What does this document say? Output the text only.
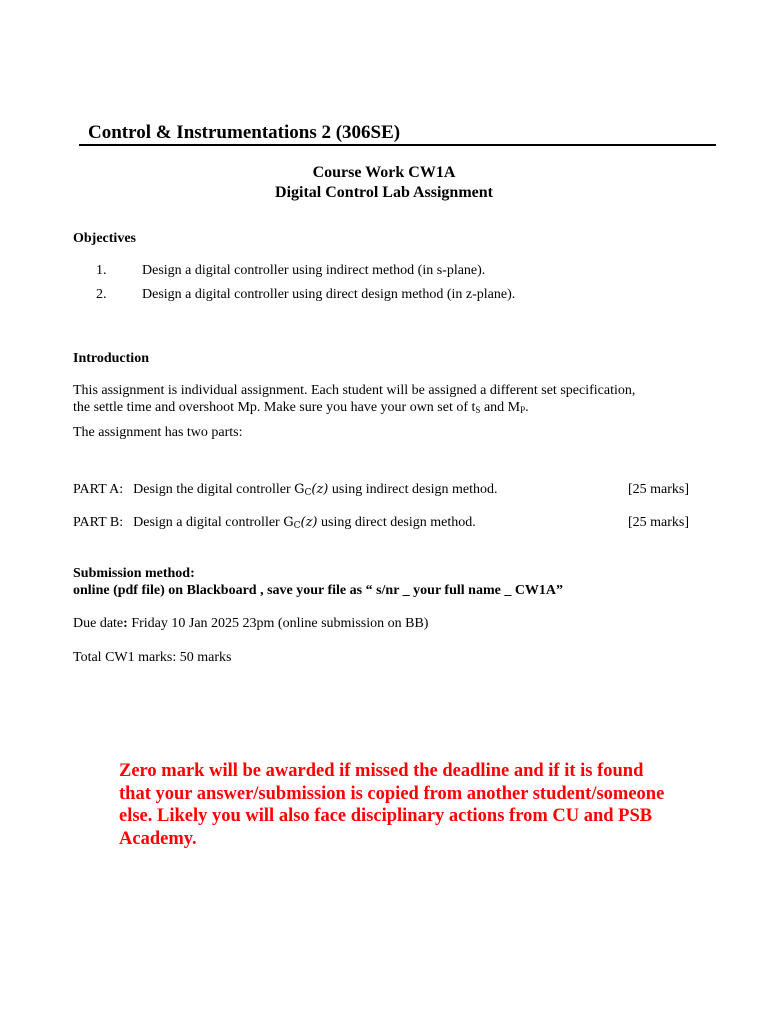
Control & Instrumentations 2 (306SE)
Course Work CW1A
Digital Control Lab Assignment
Objectives
1.	Design a digital controller using indirect method (in s-plane).
2.	Design a digital controller using direct design method (in z-plane).
Introduction
This assignment is individual assignment. Each student will be assigned a different set specification,
the settle time and overshoot Mp. Make sure you have your own set of $t_S$ and $M_P$.
The assignment has two parts:
PART A: Design the digital controller $G_C(z)$ using indirect design method.	[25 marks]
PART B: Design a digital controller $G_C(z)$ using direct design method.	[25 marks]
Submission method:
online (pdf file) on Blackboard , save your file as “ s/nr _ your full name _ CW1A”
Due date: Friday 10 Jan 2025 23pm (online submission on BB)
Total CW1 marks: 50 marks
Zero mark will be awarded if missed the deadline and if it is found that your answer/submission is copied from another student/someone else. Likely you will also face disciplinary actions from CU and PSB Academy.
